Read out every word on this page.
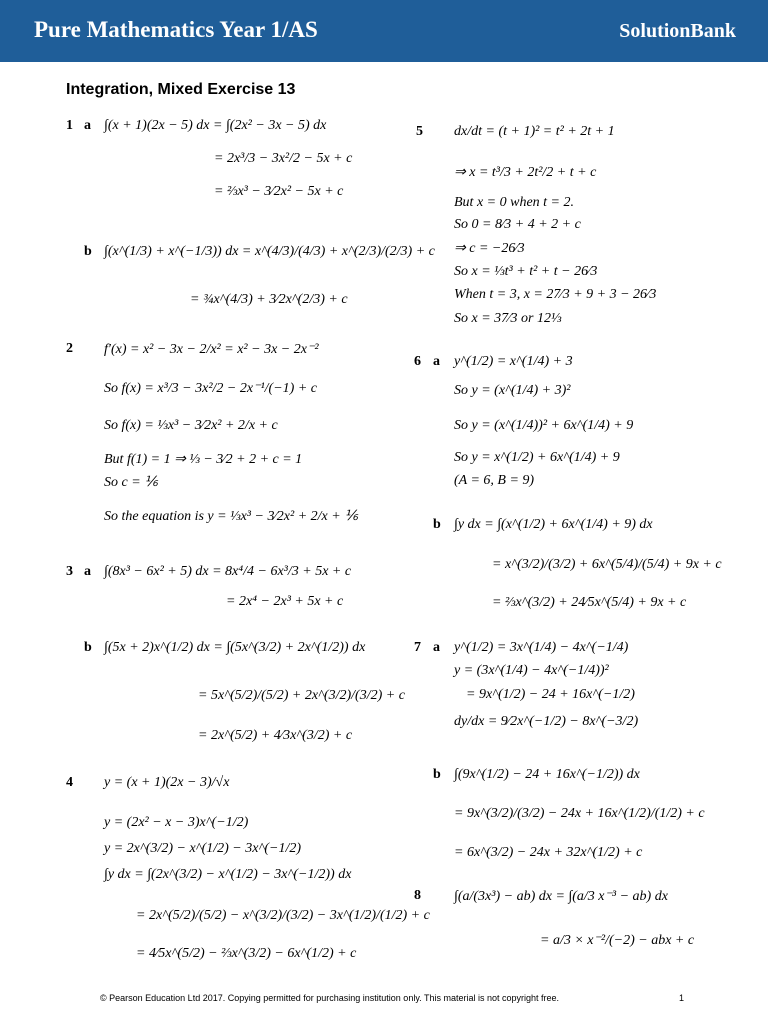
Pure Mathematics Year 1/AS	SolutionBank
Integration, Mixed Exercise 13
1 a ∫(x + 1)(2x − 5) dx = ∫(2x² − 3x − 5) dx
= 2x³/3 − 3x²/2 − 5x + c
= ⅔x³ − 3⁄2x² − 5x + c
b ∫(x^(1/3) + x^(−1/3)) dx = x^(4/3)/(4/3) + x^(2/3)/(2/3) + c
= ¾x^(4/3) + 3⁄2x^(2/3) + c
2 f′(x) = x² − 3x − 2/x² = x² − 3x − 2x⁻²
So f(x) = x³/3 − 3x²/2 − 2x⁻¹/(−1) + c
So f(x) = ⅓x³ − 3⁄2x² + 2/x + c
But f(1) = 1 ⇒ ⅓ − 3⁄2 + 2 + c = 1
So c = ⅙
So the equation is y = ⅓x³ − 3⁄2x² + 2/x + ⅙
3 a ∫(8x³ − 6x² + 5) dx = 8x⁴/4 − 6x³/3 + 5x + c
= 2x⁴ − 2x³ + 5x + c
b ∫(5x + 2)x^(1/2) dx = ∫(5x^(3/2) + 2x^(1/2)) dx
= 5x^(5/2)/(5/2) + 2x^(3/2)/(3/2) + c
= 2x^(5/2) + 4⁄3x^(3/2) + c
4 y = (x + 1)(2x − 3)/√x
y = (2x² − x − 3)x^(−1/2)
y = 2x^(3/2) − x^(1/2) − 3x^(−1/2)
∫y dx = ∫(2x^(3/2) − x^(1/2) − 3x^(−1/2)) dx
= 2x^(5/2)/(5/2) − x^(3/2)/(3/2) − 3x^(1/2)/(1/2) + c
= 4⁄5x^(5/2) − ⅔x^(3/2) − 6x^(1/2) + c
5 dx/dt = (t + 1)² = t² + 2t + 1
⇒ x = t³/3 + 2t²/2 + t + c
But x = 0 when t = 2.
So 0 = 8⁄3 + 4 + 2 + c
⇒ c = −26⁄3
So x = ⅓t³ + t² + t − 26⁄3
When t = 3, x = 27⁄3 + 9 + 3 − 26⁄3
So x = 37⁄3 or 12⅓
6 a y^(1/2) = x^(1/4) + 3
So y = (x^(1/4) + 3)²
So y = (x^(1/4))² + 6x^(1/4) + 9
So y = x^(1/2) + 6x^(1/4) + 9
(A = 6, B = 9)
b ∫y dx = ∫(x^(1/2) + 6x^(1/4) + 9) dx
= x^(3/2)/(3/2) + 6x^(5/4)/(5/4) + 9x + c
= ⅔x^(3/2) + 24⁄5x^(5/4) + 9x + c
7 a y^(1/2) = 3x^(1/4) − 4x^(−1/4)
y = (3x^(1/4) − 4x^(−1/4))²
= 9x^(1/2) − 24 + 16x^(−1/2)
dy/dx = 9⁄2x^(−1/2) − 8x^(−3/2)
b ∫(9x^(1/2) − 24 + 16x^(−1/2)) dx
= 9x^(3/2)/(3/2) − 24x + 16x^(1/2)/(1/2) + c
= 6x^(3/2) − 24x + 32x^(1/2) + c
8 ∫(a/(3x³) − ab) dx = ∫(a/3 x⁻³ − ab) dx
= a/3 × x⁻²/(−2) − abx + c
© Pearson Education Ltd 2017. Copying permitted for purchasing institution only. This material is not copyright free.	1
